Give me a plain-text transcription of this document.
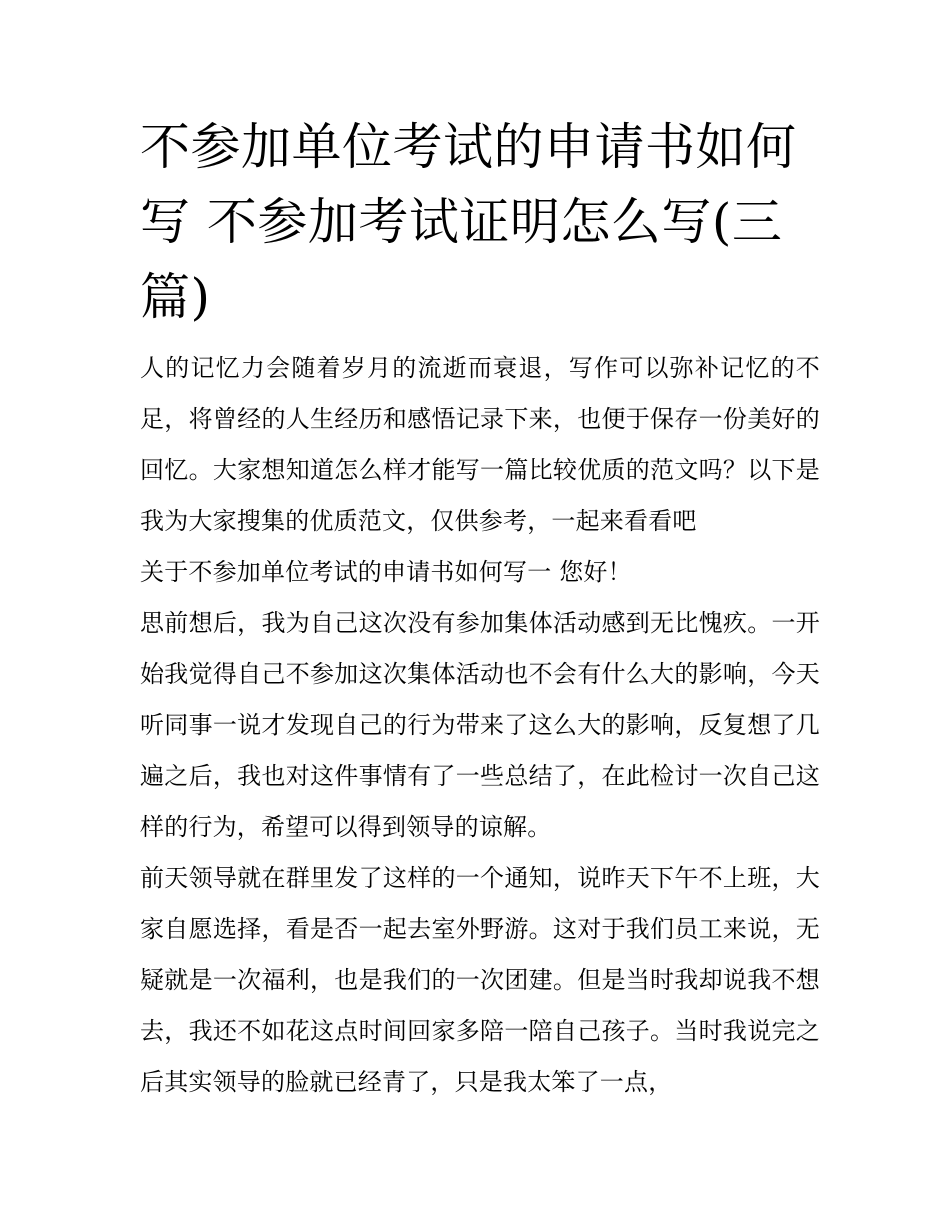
不参加单位考试的申请书如何写 不参加考试证明怎么写(三篇)

人的记忆力会随着岁月的流逝而衰退，写作可以弥补记忆的不足，将曾经的人生经历和感悟记录下来，也便于保存一份美好的回忆。大家想知道怎么样才能写一篇比较优质的范文吗？以下是我为大家搜集的优质范文，仅供参考，一起来看看吧

关于不参加单位考试的申请书如何写一 您好！

思前想后，我为自己这次没有参加集体活动感到无比愧疚。一开始我觉得自己不参加这次集体活动也不会有什么大的影响，今天听同事一说才发现自己的行为带来了这么大的影响，反复想了几遍之后，我也对这件事情有了一些总结了，在此检讨一次自己这样的行为，希望可以得到领导的谅解。

前天领导就在群里发了这样的一个通知，说昨天下午不上班，大家自愿选择，看是否一起去室外野游。这对于我们员工来说，无疑就是一次福利，也是我们的一次团建。但是当时我却说我不想去，我还不如花这点时间回家多陪一陪自己孩子。当时我说完之后其实领导的脸就已经青了，只是我太笨了一点，
